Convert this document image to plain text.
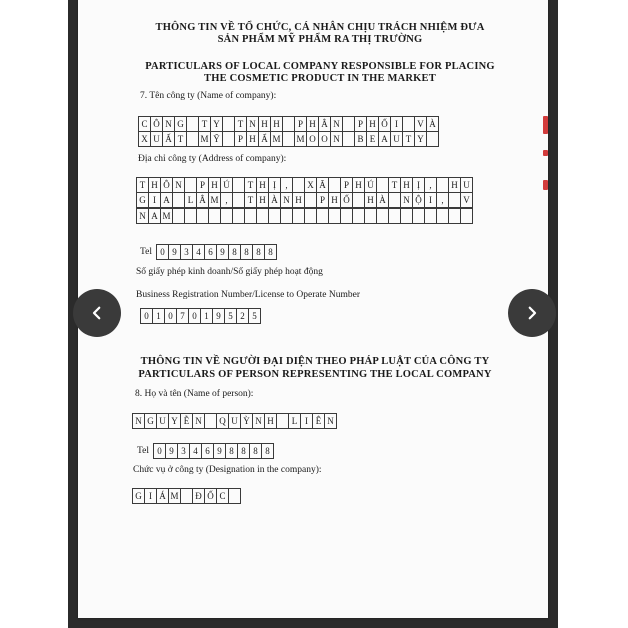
THÔNG TIN VỀ TỔ CHỨC, CÁ NHÂN CHỊU TRÁCH NHIỆM ĐƯA SẢN PHẨM MỸ PHẨM RA THỊ TRƯỜNG
PARTICULARS OF LOCAL COMPANY RESPONSIBLE FOR PLACING THE COSMETIC PRODUCT IN THE MARKET
7. Tên công ty (Name of company):
C Ô N G	T Y	T N H H	P H Â N	P H Ố I	V À
X U Ấ T	M Ỹ	P H Ẩ M M O O N	B E A U T Y
Địa chỉ công ty (Address of company):
T H Ô N	P H Ú	T H Ị	,	X Ã	P H Ú	T H Ị	,	H U
G I A	L Â M ,	T H À N H	P H Ố	H À	N Ộ I	,	V
N A M
Tel 0 9 3 4 6 9 8 8 8 8
Số giấy phép kinh doanh/Số giấy phép hoạt động
Business Registration Number/License to Operate Number
0 1 0 7 0 1 9 5 2 5
THÔNG TIN VỀ NGƯỜI ĐẠI DIỆN THEO PHÁP LUẬT CỦA CÔNG TY
PARTICULARS OF PERSON REPRESENTING THE LOCAL COMPANY
8. Họ và tên (Name of person):
N G U Y Ễ N	Q U Ỳ N H	L I Ê N
Tel 0 9 3 4 6 9 8 8 8 8
Chức vụ ở công ty (Designation in the company):
G I Á M	Đ Ố C
